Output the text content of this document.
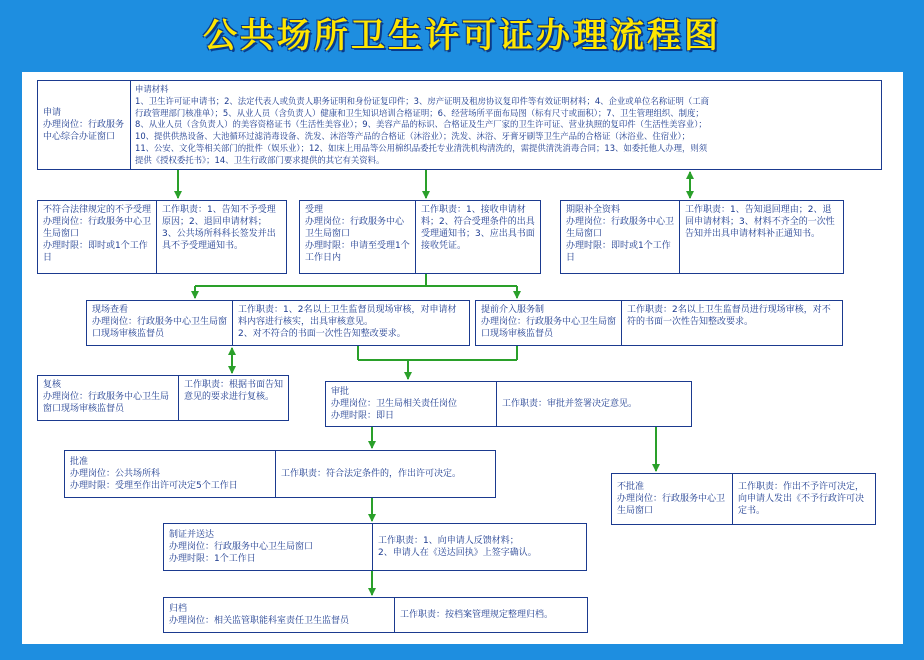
公共场所卫生许可证办理流程图
申请
办理岗位：行政服务中心综合办证窗口
申请材料
1、卫生许可证申请书；2、法定代表人或负责人职务证明和身份证复印件；3、房产证明及租房协议复印件等有效证明材料；4、企业或单位名称证明（工商
行政管理部门核准单）；5、从业人员（含负责人）健康和卫生知识培训合格证明；6、经营场所平面布局图（标有尺寸或面积）；7、卫生管理组织、制度；
8、从业人员（含负责人）的美容资格证书（生活性美容业）；9、美容产品的标识、合格证及生产厂家的卫生许可证、营业执照的复印件（生活性美容业）；
10、提供供热设备、大池循环过滤消毒设备、洗发、沐浴等产品的合格证（沐浴业）；洗发、沐浴、牙膏牙刷等卫生产品的合格证（沐浴业、住宿业）；
11、公安、文化等相关部门的批件（娱乐业）；12、如床上用品等公用棉织品委托专业清洗机构清洗的，需提供清洗消毒合同；13、如委托他人办理，则须
提供《授权委托书》；14、卫生行政部门要求提供的其它有关资料。
不符合法律规定的不予受理
办理岗位：行政服务中心卫生局窗口
办理时限：即时或1个工作日
工作职责：1、告知不予受理原因；2、退回申请材料；3、公共场所科科长签发并出具不予受理通知书。
受理
办理岗位：行政服务中心卫生局窗口
办理时限：申请至受理1个工作日内
工作职责：1、接收申请材料；2、符合受理条件的出具受理通知书；3、应出具书面接收凭证。
期限补全资料
办理岗位：行政服务中心卫生局窗口
办理时限：即时或1个工作日
工作职责：1、告知退回理由；2、退回申请材料；3、材料不齐全的一次性告知并出具申请材料补正通知书。
现场查看
办理岗位：行政服务中心卫生局窗口现场审核监督员
工作职责：1、2名以上卫生监督员现场审核，对申请材料内容进行核实，出具审核意见。
2、对不符合的书面一次性告知整改要求。
提前介入服务制
办理岗位：行政服务中心卫生局窗口现场审核监督员
工作职责：2名以上卫生监督员进行现场审核，对不符的书面一次性告知整改要求。
复核
办理岗位：行政服务中心卫生局窗口现场审核监督员
工作职责：根据书面告知意见的要求进行复核。	审批
办理岗位：卫生局相关责任岗位
办理时限：即日
工作职责：审批并签署决定意见。
批准
办理岗位：公共场所科
办理时限：受理至作出许可决定5个工作日
工作职责：符合法定条件的，作出许可决定。
不批准
办理岗位：行政服务中心卫生局窗口
工作职责：作出不予许可决定，向申请人发出《不予行政许可决定书。
制证并送达
办理岗位：行政服务中心卫生局窗口
办理时限：1个工作日
工作职责：1、向申请人反馈材料；
2、申请人在《送达回执》上签字确认。
归档
办理岗位：相关监管职能科室责任卫生监督员
工作职责：按档案管理规定整理归档。
